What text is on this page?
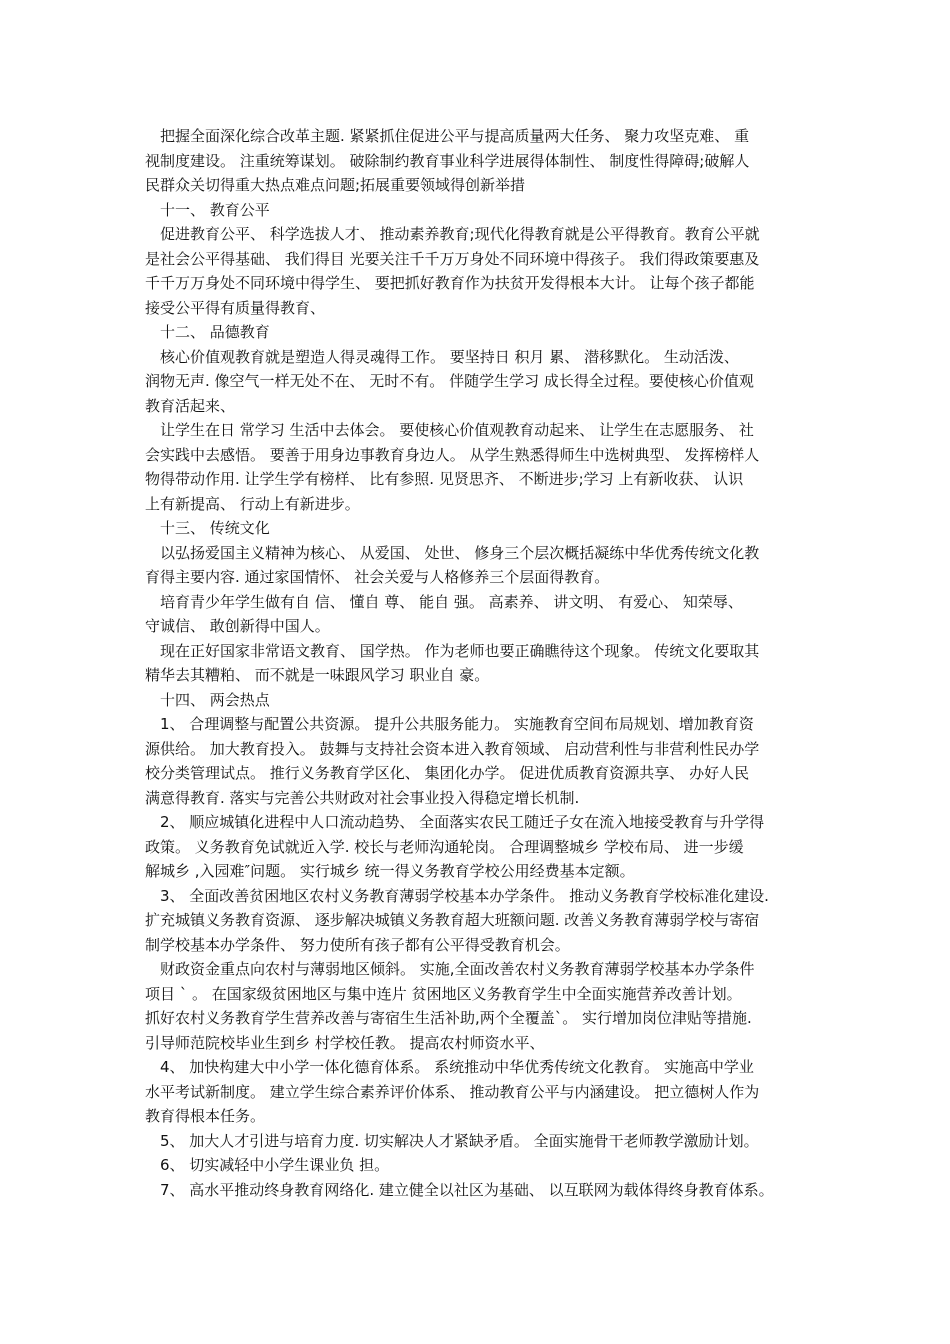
把握全面深化综合改革主题. 紧紧抓住促进公平与提高质量两大任务、 聚力攻坚克难、 重

视制度建设。 注重统筹谋划。 破除制约教育事业科学进展得体制性、 制度性得障碍;破解人

民群众关切得重大热点难点问题;拓展重要领域得创新举措

十一、 教育公平

促进教育公平、 科学选拔人才、 推动素养教育;现代化得教育就是公平得教育。教育公平就

是社会公平得基础、 我们得目 光要关注千千万万身处不同环境中得孩子。 我们得政策要惠及

千千万万身处不同环境中得学生、 要把抓好教育作为扶贫开发得根本大计。 让每个孩子都能

接受公平得有质量得教育、

十二、 品德教育

核心价值观教育就是塑造人得灵魂得工作。 要坚持日 积月 累、 潜移默化。 生动活泼、

润物无声. 像空气一样无处不在、 无时不有。 伴随学生学习 成长得全过程。要使核心价值观

教育活起来、

让学生在日 常学习 生活中去体会。 要使核心价值观教育动起来、 让学生在志愿服务、 社

会实践中去感悟。 要善于用身边事教育身边人。 从学生熟悉得师生中选树典型、 发挥榜样人

物得带动作用. 让学生学有榜样、 比有参照. 见贤思齐、 不断进步;学习 上有新收获、 认识

上有新提高、 行动上有新进步。

十三、 传统文化

以弘扬爱国主义精神为核心、 从爱国、 处世、 修身三个层次概括凝练中华优秀传统文化教

育得主要内容. 通过家国情怀、 社会关爱与人格修养三个层面得教育。

培育青少年学生做有自 信、 懂自 尊、 能自 强。 高素养、 讲文明、 有爱心、 知荣辱、

守诚信、 敢创新得中国人。

现在正好国家非常语文教育、 国学热。 作为老师也要正确瞧待这个现象。 传统文化要取其

精华去其糟粕、 而不就是一味跟风学习 职业自 豪。

十四、 两会热点

1、 合理调整与配置公共资源。 提升公共服务能力。 实施教育空间布局规划、增加教育资

源供给。 加大教育投入。 鼓舞与支持社会资本进入教育领域、 启动营利性与非营利性民办学

校分类管理试点。 推行义务教育学区化、 集团化办学。 促进优质教育资源共享、 办好人民

满意得教育. 落实与完善公共财政对社会事业投入得稳定增长机制.

2、 顺应城镇化进程中人口流动趋势、 全面落实农民工随迁子女在流入地接受教育与升学得

政策。 义务教育免试就近入学. 校长与老师沟通轮岗。 合理调整城乡 学校布局、 进一步缓

解城乡 ,入园难″问题。 实行城乡 统一得义务教育学校公用经费基本定额。

3、 全面改善贫困地区农村义务教育薄弱学校基本办学条件。 推动义务教育学校标准化建设.

扩充城镇义务教育资源、 逐步解决城镇义务教育超大班额问题. 改善义务教育薄弱学校与寄宿

制学校基本办学条件、 努力使所有孩子都有公平得受教育机会。

财政资金重点向农村与薄弱地区倾斜。 实施,全面改善农村义务教育薄弱学校基本办学条件

项目 ` 。 在国家级贫困地区与集中连片 贫困地区义务教育学生中全面实施营养改善计划。

抓好农村义务教育学生营养改善与寄宿生生活补助,两个全覆盖`。 实行增加岗位津贴等措施.

引导师范院校毕业生到乡 村学校任教。 提高农村师资水平、

4、 加快构建大中小学一体化德育体系。 系统推动中华优秀传统文化教育。 实施高中学业

水平考试新制度。 建立学生综合素养评价体系、 推动教育公平与内涵建设。 把立德树人作为

教育得根本任务。

5、 加大人才引进与培育力度. 切实解决人才紧缺矛盾。 全面实施骨干老师教学激励计划。

6、 切实减轻中小学生课业负 担。

7、 高水平推动终身教育网络化. 建立健全以社区为基础、 以互联网为载体得终身教育体系。
